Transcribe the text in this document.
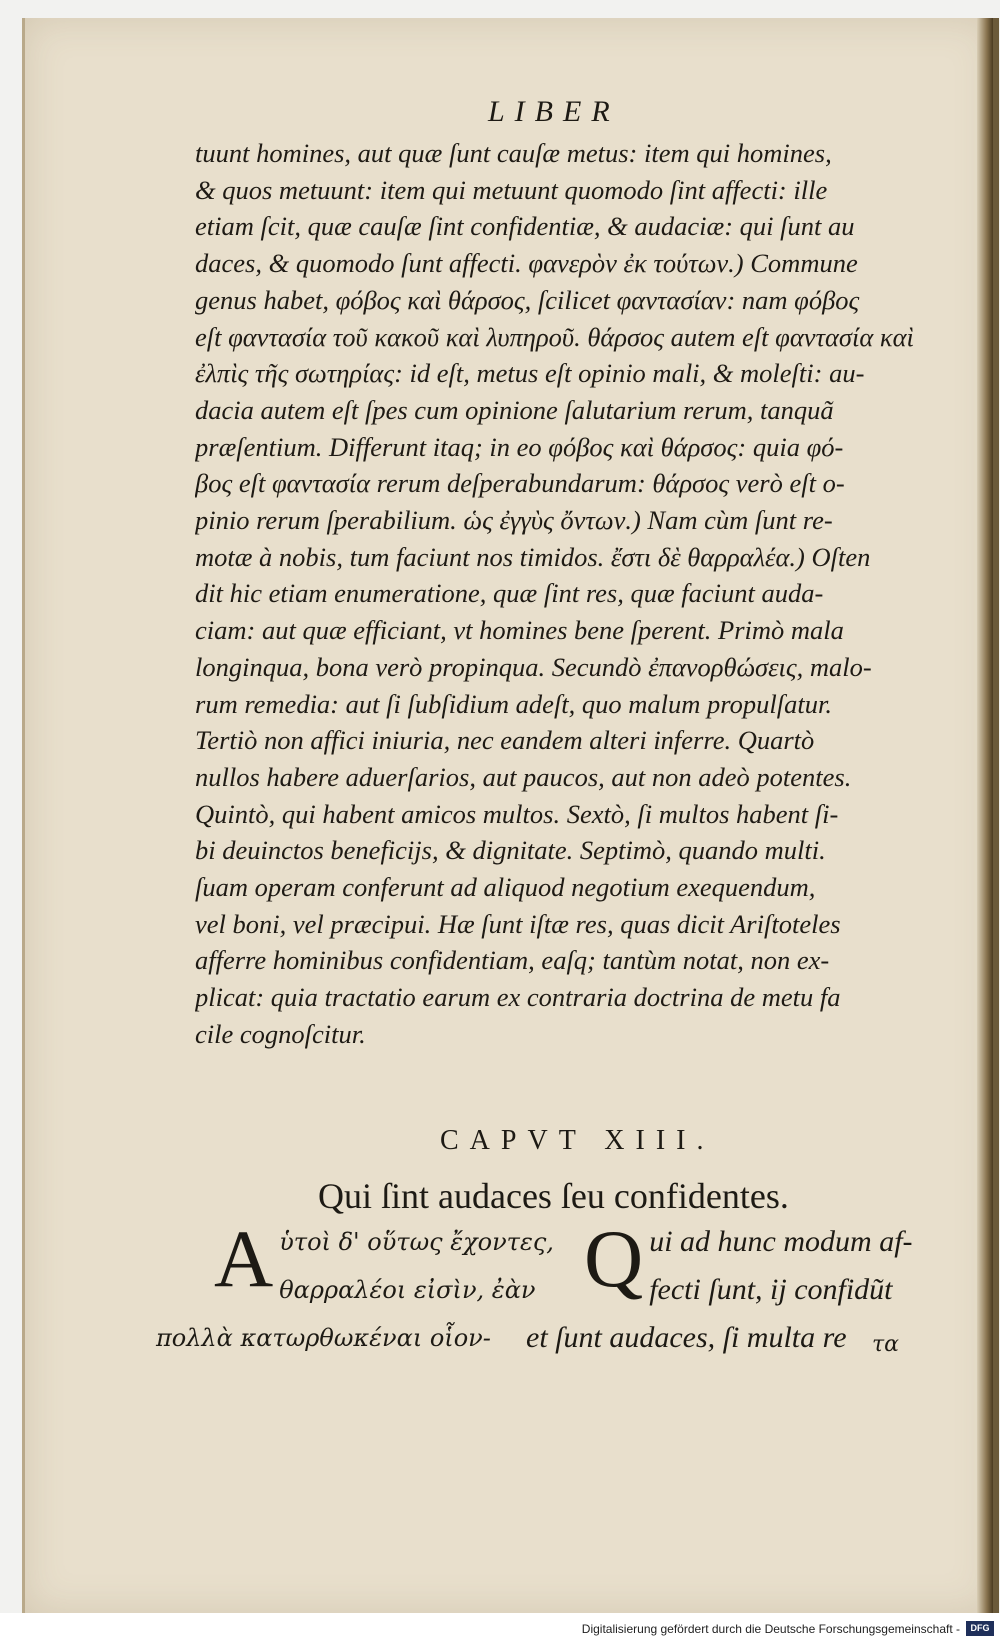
LIBER
tuunt homines, aut quæ ſunt cauſæ metus: item qui homines,
& quos metuunt: item qui metuunt quomodo ſint affecti: ille
etiam ſcit, quæ cauſæ ſint confidentiæ, & audaciæ: qui ſunt au
daces, & quomodo ſunt affecti. φανερὸν ἐκ τούτων.) Commune
genus habet, φόβος καὶ θάρσος, ſcilicet φαντασίαν: nam φόβος
eſt φαντασία τοῦ κακοῦ καὶ λυπηροῦ. θάρσος autem eſt φαντασία καὶ
ἐλπὶς τῆς σωτηρίας: id eſt, metus eſt opinio mali, & moleſti: au-
dacia autem eſt ſpes cum opinione ſalutarium rerum, tanquã
præſentium. Differunt itaq; in eo φόβος καὶ θάρσος: quia φό-
βος eſt φαντασία rerum deſperabundarum: θάρσος verò eſt o-
pinio rerum ſperabilium. ὡς ἐγγὺς ὄντων.) Nam cùm ſunt re-
motæ à nobis, tum faciunt nos timidos. ἔστι δὲ θαρραλέα.) Oſten
dit hic etiam enumeratione, quæ ſint res, quæ faciunt auda-
ciam: aut quæ efficiant, vt homines bene ſperent. Primò mala
longinqua, bona verò propinqua. Secundò ἐπανορθώσεις, malo-
rum remedia: aut ſi ſubſidium adeſt, quo malum propulſatur.
Tertiò non affici iniuria, nec eandem alteri inferre. Quartò
nullos habere aduerſarios, aut paucos, aut non adeò potentes.
Quintò, qui habent amicos multos. Sextò, ſi multos habent ſi-
bi deuinctos beneficijs, & dignitate. Septimò, quando multi.
ſuam operam conferunt ad aliquod negotium exequendum,
vel boni, vel præcipui. Hæ ſunt iſtæ res, quas dicit Ariſtoteles
afferre hominibus confidentiam, eaſq; tantùm notat, non ex-
plicat: quia tractatio earum ex contraria doctrina de metu fa
cile cognoſcitur.
CAPVT XIII.
Qui ſint audaces ſeu confidentes.
A ὑτοὶ δ' οὕτως ἔχοντες,
θαρραλέοι εἰσὶν, ἐὰν
πολλὰ κατωρθωκέναι οἷον-
Q ui ad hunc modum af-
fecti ſunt, ij confidũt
et ſunt audaces, ſi multa re	τα
Digitalisierung gefördert durch die Deutsche Forschungsgemeinschaft -	DFG
